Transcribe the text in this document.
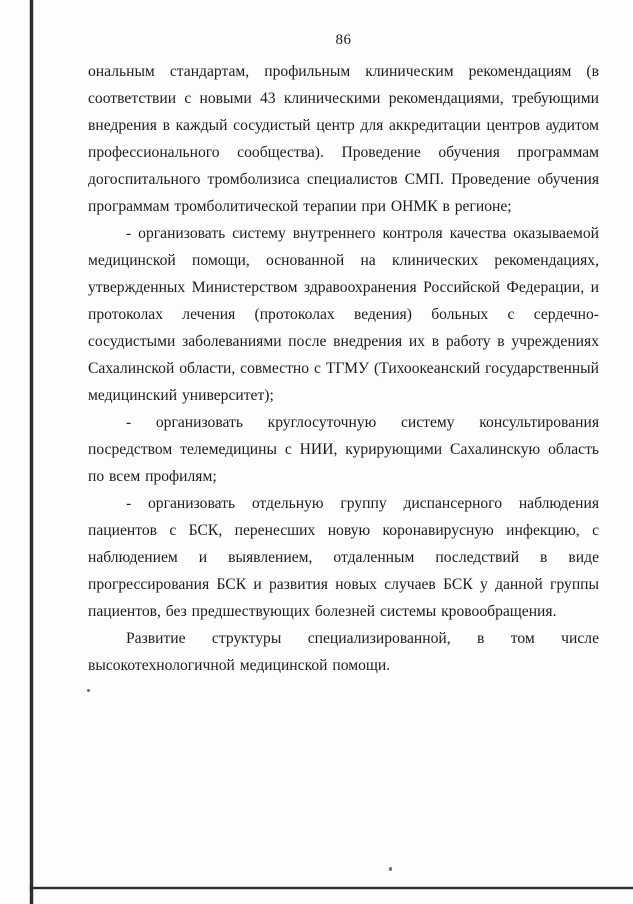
86

ональным стандартам, профильным клиническим рекомендациям (в соответствии с новыми 43 клиническими рекомендациями, требующими внедрения в каждый сосудистый центр для аккредитации центров аудитом профессионального сообщества). Проведение обучения программам догоспитального тромболизиса специалистов СМП. Проведение обучения программам тромболитической терапии при ОНМК в регионе;

- организовать систему внутреннего контроля качества оказываемой медицинской помощи, основанной на клинических рекомендациях, утвержденных Министерством здравоохранения Российской Федерации, и протоколах лечения (протоколах ведения) больных с сердечно-сосудистыми заболеваниями после внедрения их в работу в учреждениях Сахалинской области, совместно с ТГМУ (Тихоокеанский государственный медицинский университет);

- организовать круглосуточную систему консультирования посредством телемедицины с НИИ, курирующими Сахалинскую область по всем профилям;

- организовать отдельную группу диспансерного наблюдения пациентов с БСК, перенесших новую коронавирусную инфекцию, с наблюдением и выявлением, отдаленным последствий в виде прогрессирования БСК и развития новых случаев БСК у данной группы пациентов, без предшествующих болезней системы кровообращения.

Развитие структуры специализированной, в том числе высокотехнологичной медицинской помощи.
